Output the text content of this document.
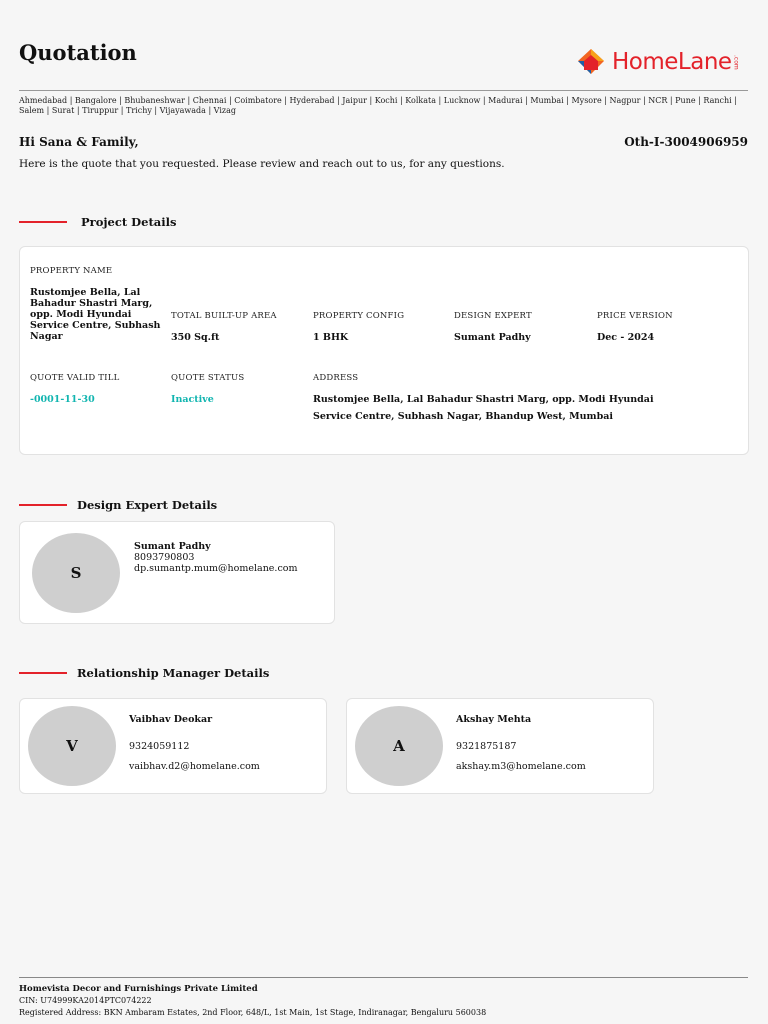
Quotation	HomeLane .com
Ahmedabad | Bangalore | Bhubaneshwar | Chennai | Coimbatore | Hyderabad | Jaipur | Kochi | Kolkata | Lucknow | Madurai | Mumbai | Mysore | Nagpur | NCR | Pune | Ranchi | Salem | Surat | Tiruppur | Trichy | Vijayawada | Vizag
Hi Sana & Family,	Oth-I-3004906959
Here is the quote that you requested. Please review and reach out to us, for any questions.
Project Details
PROPERTY NAME
Rustomjee Bella, Lal Bahadur Shastri Marg, opp. Modi Hyundai Service Centre, Subhash Nagar
TOTAL BUILT-UP AREA
350 Sq.ft
PROPERTY CONFIG
1 BHK
DESIGN EXPERT
Sumant Padhy
PRICE VERSION
Dec - 2024
QUOTE VALID TILL
-0001-11-30
QUOTE STATUS
Inactive
ADDRESS
Rustomjee Bella, Lal Bahadur Shastri Marg, opp. Modi Hyundai Service Centre, Subhash Nagar, Bhandup West, Mumbai
Design Expert Details
S
Sumant Padhy
8093790803
dp.sumantp.mum@homelane.com
Relationship Manager Details
V
Vaibhav Deokar
9324059112
vaibhav.d2@homelane.com
A
Akshay Mehta
9321875187
akshay.m3@homelane.com
Homevista Decor and Furnishings Private Limited
CIN: U74999KA2014PTC074222
Registered Address: BKN Ambaram Estates, 2nd Floor, 648/L, 1st Main, 1st Stage, Indiranagar, Bengaluru 560038
